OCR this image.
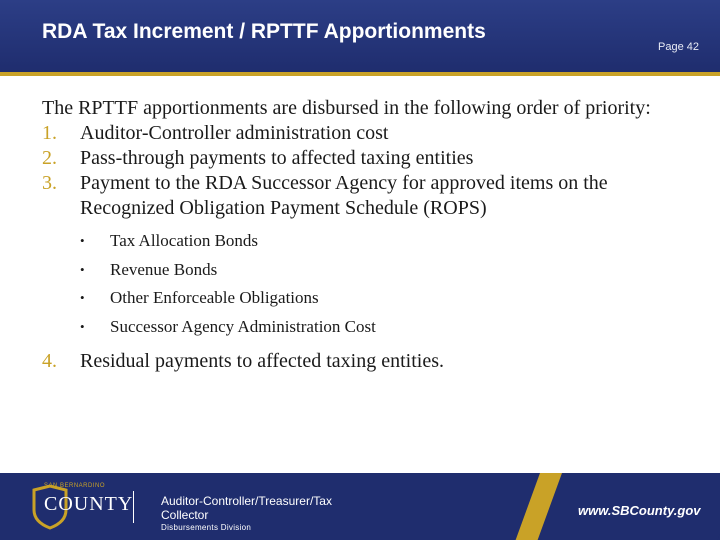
RDA Tax Increment / RPTTF Apportionments
Page 42

The RPTTF apportionments are disbursed in the following order of priority:

1. Auditor-Controller administration cost
2. Pass-through payments to affected taxing entities
3. Payment to the RDA Successor Agency for approved items on the Recognized Obligation Payment Schedule (ROPS)
• Tax Allocation Bonds
• Revenue Bonds
• Other Enforceable Obligations
• Successor Agency Administration Cost
4. Residual payments to affected taxing entities.
SAN BERNARDINO
COUNTY Auditor-Controller/Treasurer/Tax Collector
Disbursements Division
www.SBCounty.gov
